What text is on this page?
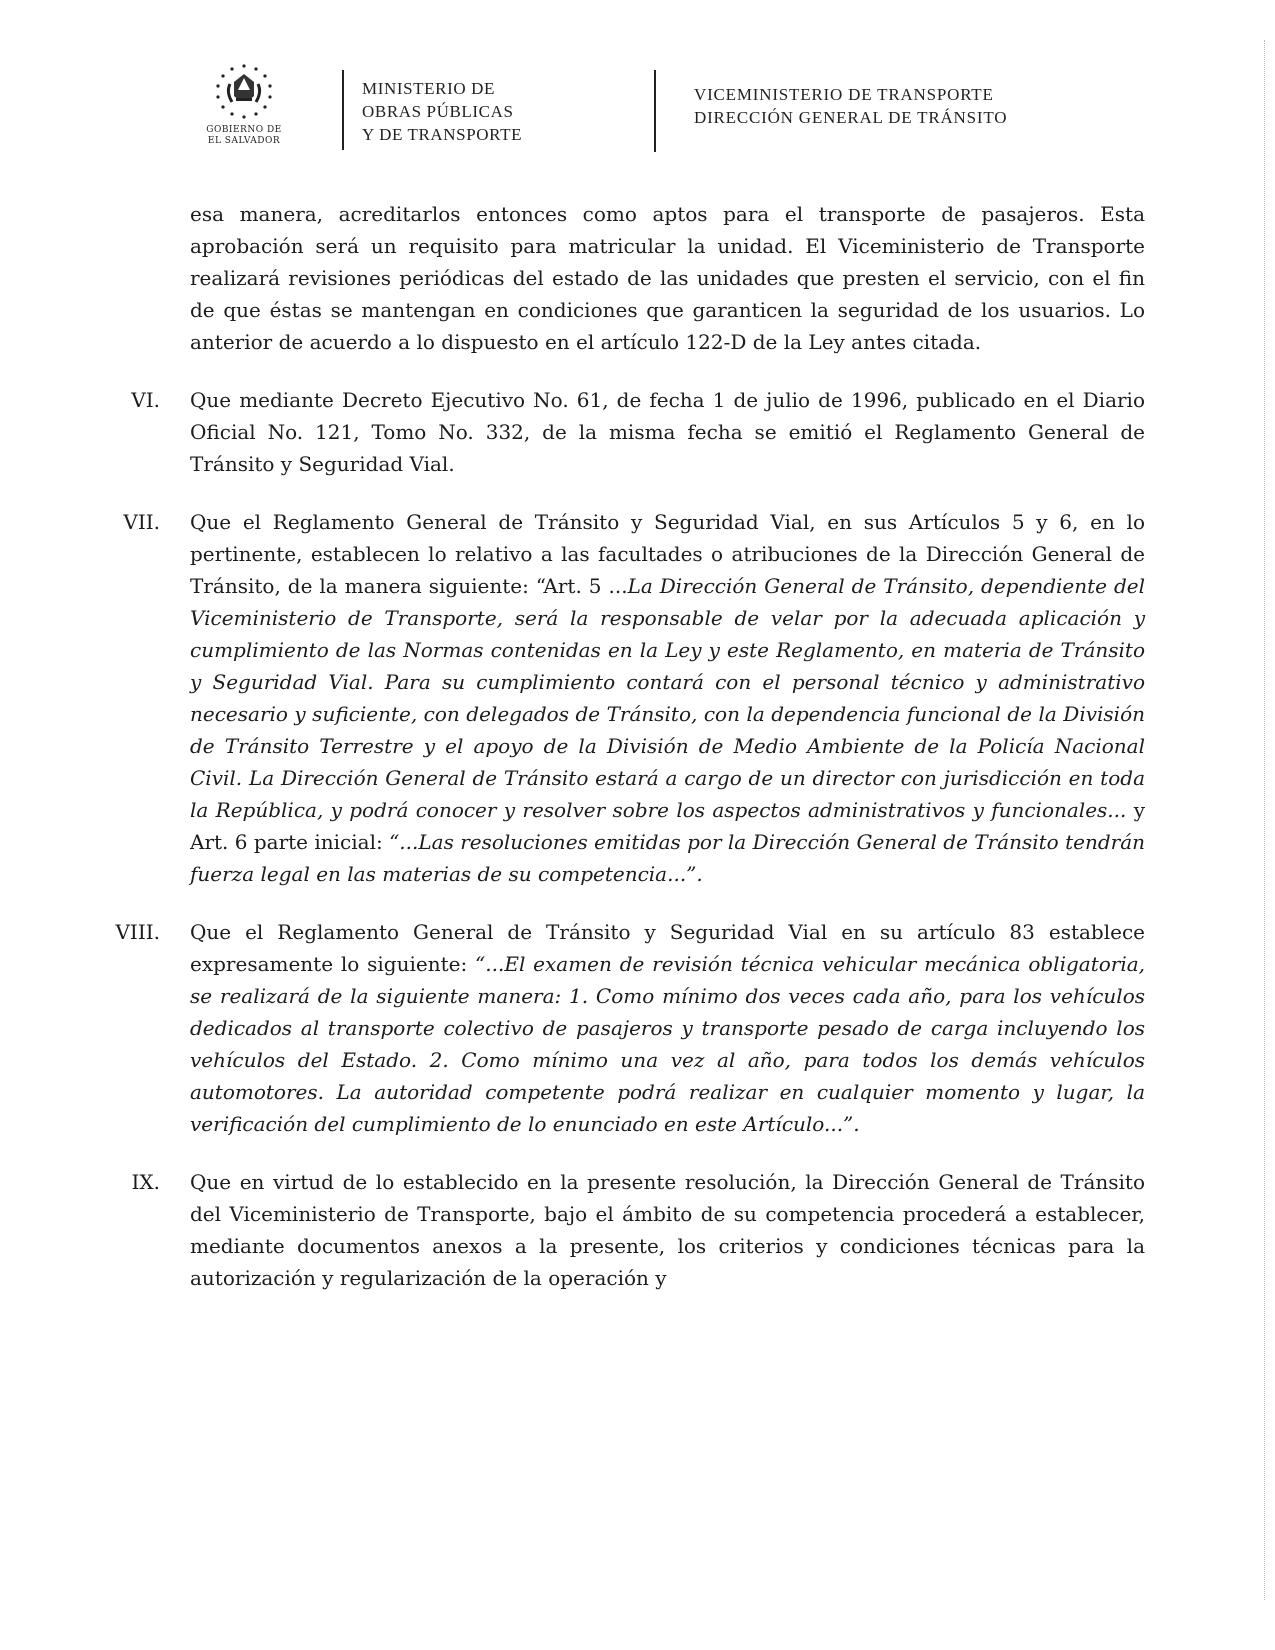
GOBIERNO DE
EL SALVADOR
MINISTERIO DE
OBRAS PÚBLICAS
Y DE TRANSPORTE
VICEMINISTERIO DE TRANSPORTE
DIRECCIÓN GENERAL DE TRÁNSITO

esa manera, acreditarlos entonces como aptos para el transporte de pasajeros. Esta aprobación será un requisito para matricular la unidad. El Viceministerio de Transporte realizará revisiones periódicas del estado de las unidades que presten el servicio, con el fin de que éstas se mantengan en condiciones que garanticen la seguridad de los usuarios. Lo anterior de acuerdo a lo dispuesto en el artículo 122-D de la Ley antes citada.

VI. Que mediante Decreto Ejecutivo No. 61, de fecha 1 de julio de 1996, publicado en el Diario Oficial No. 121, Tomo No. 332, de la misma fecha se emitió el Reglamento General de Tránsito y Seguridad Vial.
VII. Que el Reglamento General de Tránsito y Seguridad Vial, en sus Artículos 5 y 6, en lo pertinente, establecen lo relativo a las facultades o atribuciones de la Dirección General de Tránsito, de la manera siguiente: “Art. 5 ...La Dirección General de Tránsito, dependiente del Viceministerio de Transporte, será la responsable de velar por la adecuada aplicación y cumplimiento de las Normas contenidas en la Ley y este Reglamento, en materia de Tránsito y Seguridad Vial. Para su cumplimiento contará con el personal técnico y administrativo necesario y suficiente, con delegados de Tránsito, con la dependencia funcional de la División de Tránsito Terrestre y el apoyo de la División de Medio Ambiente de la Policía Nacional Civil. La Dirección General de Tránsito estará a cargo de un director con jurisdicción en toda la República, y podrá conocer y resolver sobre los aspectos administrativos y funcionales... y Art. 6 parte inicial: “...Las resoluciones emitidas por la Dirección General de Tránsito tendrán fuerza legal en las materias de su competencia...”.
VIII. Que el Reglamento General de Tránsito y Seguridad Vial en su artículo 83 establece expresamente lo siguiente: “...El examen de revisión técnica vehicular mecánica obligatoria, se realizará de la siguiente manera: 1. Como mínimo dos veces cada año, para los vehículos dedicados al transporte colectivo de pasajeros y transporte pesado de carga incluyendo los vehículos del Estado. 2. Como mínimo una vez al año, para todos los demás vehículos automotores. La autoridad competente podrá realizar en cualquier momento y lugar, la verificación del cumplimiento de lo enunciado en este Artículo...”.
IX. Que en virtud de lo establecido en la presente resolución, la Dirección General de Tránsito del Viceministerio de Transporte, bajo el ámbito de su competencia procederá a establecer, mediante documentos anexos a la presente, los criterios y condiciones técnicas para la autorización y regularización de la operación y
